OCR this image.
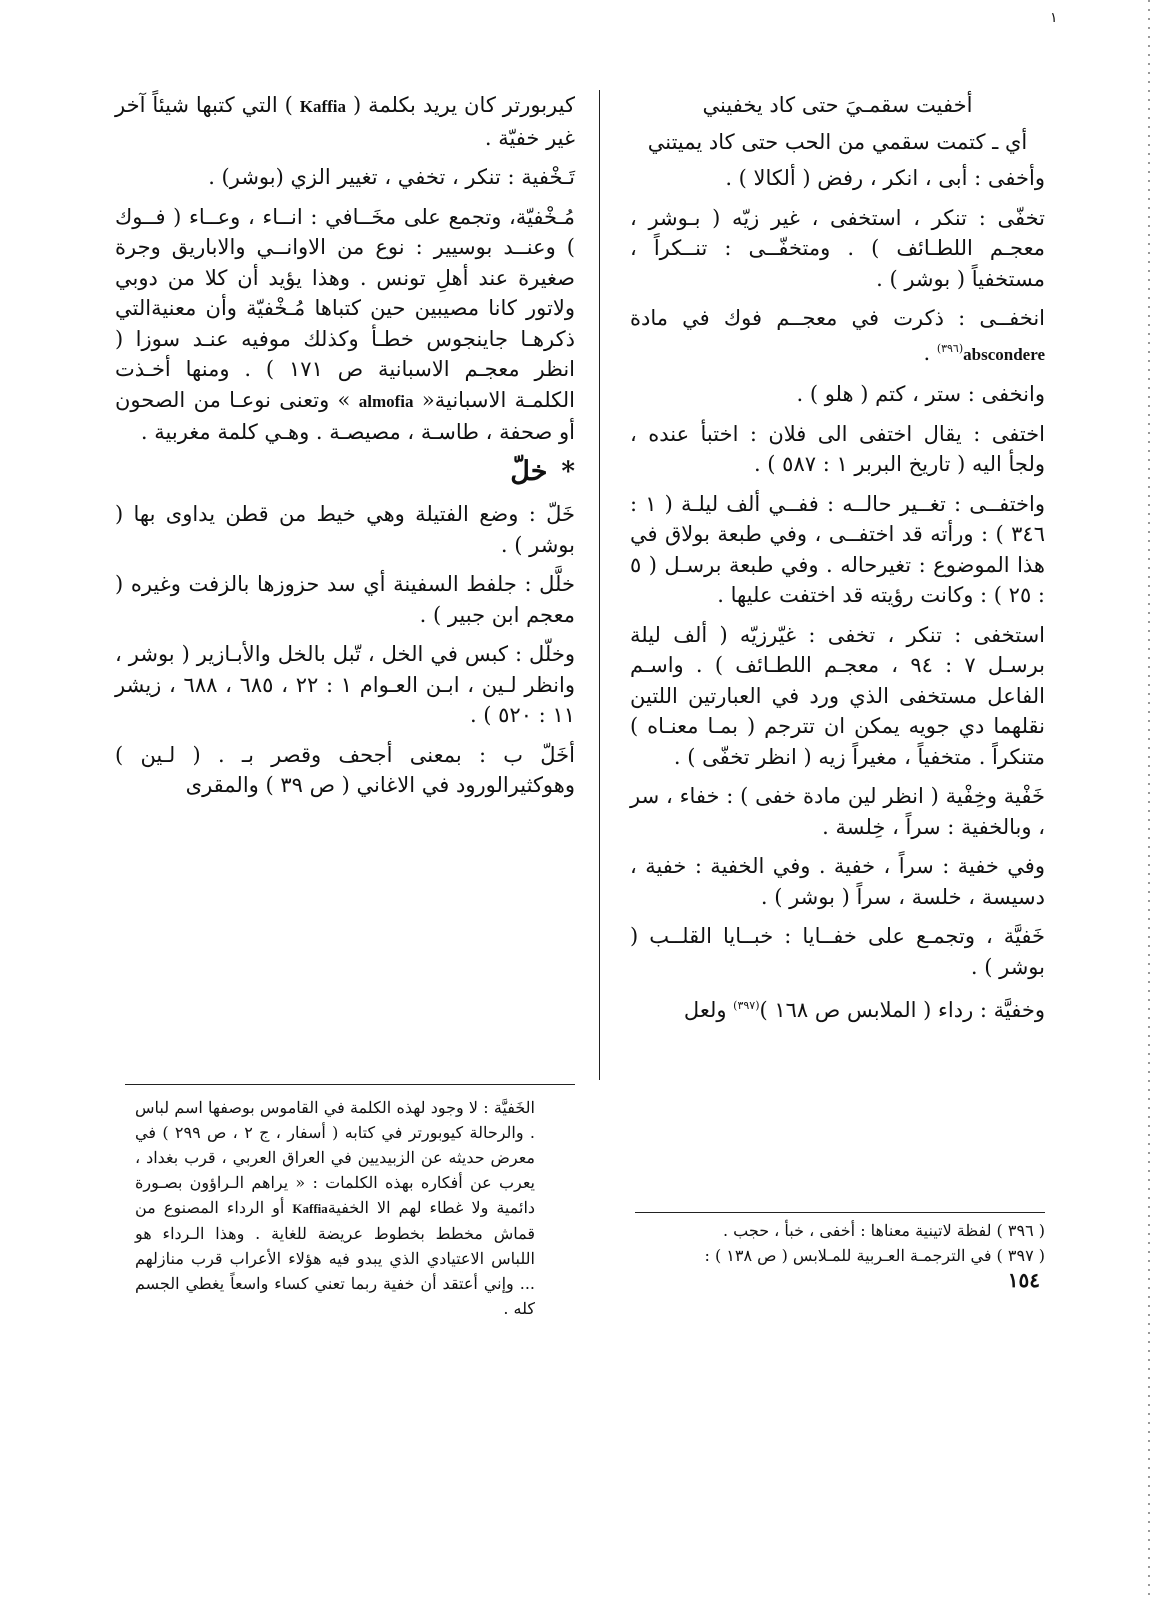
١

أخفيت سقمـيَ حتى كاد يخفيني

أي ـ كتمت سقمي من الحب حتى كاد يميتني

وأخفى : أبى ، انكر ، رفض ( ألكالا ) .

تخفّى : تنكر ، استخفى ، غير زيّه ( بـوشر ، معجـم اللطـائف ) . ومتخفّــى : تنــكراً ، مستخفياً ( بوشر ) .

انخفــى : ذكرت في معجــم فوك في مادة abscondere$^{(٣٩٦)}$ .

وانخفى : ستر ، كتم ( هلو ) .

اختفى : يقال اختفى الى فلان : اختبأ عنده ، ولجأ اليه ( تاريخ البربر ١ : ٥٨٧ ) .

واختفــى : تغــير حالــه : ففــي ألف ليلـة ( ١ : ٣٤٦ ) : ورأته قد اختفــى ، وفي طبعة بولاق في هذا الموضوع : تغيرحاله . وفي طبعة برسـل ( ٥ : ٢٥ ) : وكانت رؤيته قد اختفت عليها .

استخفى : تنكر ، تخفى : غيّرزيّه ( ألف ليلة برسـل ٧ : ٩٤ ، معجـم اللطـائف ) . واسـم الفاعل مستخفى الذي ورد في العبارتين اللتين نقلهما دي جويه يمكن ان تترجم ( بمـا معنـاه ) متنكراً . متخفياً ، مغيراً زيه ( انظر تخفّى ) .

خَفْية وخِفْية ( انظر لين مادة خفى ) : خفاء ، سر ، وبالخفية : سراً ، خِلسة .

وفي خفية : سراً ، خفية . وفي الخفية : خفية ، دسيسة ، خلسة ، سراً ( بوشر ) .

خَفيَّة ، وتجمـع على خفــايا : خبــايا القلــب ( بوشر ) .

وخفيَّة : رداء ( الملابس ص ١٦٨ )$^{(٣٩٧)}$ ولعل

كيربورتر كان يريد بكلمة ( Kaffia ) التي كتبها شيئاً آخر غير خفيّة .

تَـخْفية : تنكر ، تخفي ، تغيير الزي (بوشر) .

مُـخْفيّة، وتجمع على مخَــافي : انــاء ، وعــاء ( فــوك ) وعنــد بوسيير : نوع من الاوانــي والاباريق وجرة صغيرة عند أهلِ تونس . وهذا يؤيد أن كلا من دوبي ولاتور كانا مصيبين حين كتباها مُـخْفيّة وأن معنيةالتي ذكرهـا جاينجوس خطـأ وكذلك موفيه عنـد سوزا ( انظر معجـم الاسبانية ص ١٧١ ) . ومنها أخـذت الكلمـة الاسبانية« almofia » وتعنى نوعـا من الصحون أو صحفة ، طاسـة ، مصيصـة . وهـي كلمة مغربية .

*خلّ

خَلّ : وضع الفتيلة وهي خيط من قطن يداوى بها ( بوشر ) .

خلَّل : جلفط السفينة أي سد حزوزها بالزفت وغيره ( معجم ابن جبير ) .

وخلّل : كبس في الخل ، تّبل بالخل والأبـازير ( بوشر ، وانظر لـين ، ابـن العـوام ١ : ٢٢ ، ٦٨٥ ، ٦٨٨ ، زيشر ١١ : ٥٢٠ ) .

أخَلّ ب : بمعنى أجحف وقصر بـ . ( لـين ) وهوكثيرالورود في الاغاني ( ص ٣٩ ) والمقرى

الخَفيَّة : لا وجود لهذه الكلمة في القاموس بوصفها اسم لباس . والرحالة كيوبورتر في كتابه ( أسفار ، ج ٢ ، ص ٢٩٩ ) في معرض حديثه عن الزبيديين في العراق العربي ، قرب بغداد ، يعرب عن أفكاره بهذه الكلمات : « يراهم الـراؤون بصـورة دائمية ولا غطاء لهم الا الخفيةKaffia أو الرداء المصنوع من قماش مخطط بخطوط عريضة للغاية . وهذا الـرداء هو اللباس الاعتيادي الذي يبدو فيه هؤلاء الأعراب قرب منازلهم ... وإني أعتقد أن خفية ربما تعني كساء واسعاً يغطي الجسم كله .

( ٣٩٦ ) لفظة لاتينية معناها : أخفى ، خبأ ، حجب .

( ٣٩٧ ) في الترجمـة العـربية للمـلابس ( ص ١٣٨ ) :

١٥٤
